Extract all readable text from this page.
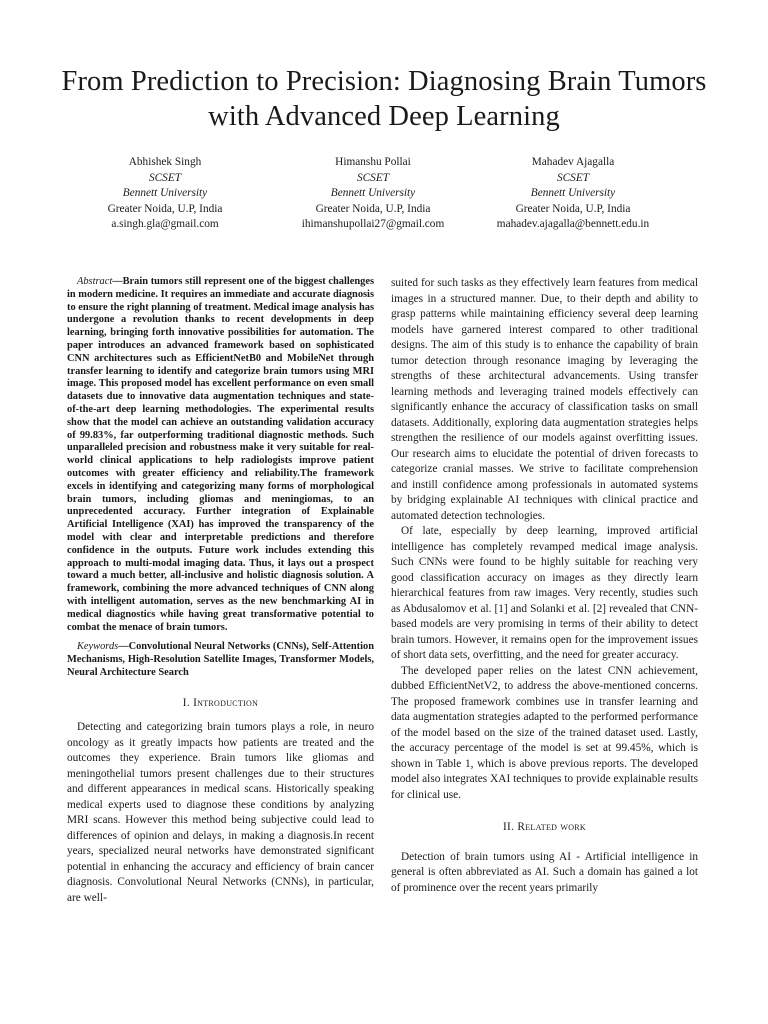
From Prediction to Precision: Diagnosing Brain Tumors with Advanced Deep Learning
Abhishek Singh
SCSET
Bennett University
Greater Noida, U.P, India
a.singh.gla@gmail.com
Himanshu Pollai
SCSET
Bennett University
Greater Noida, U.P, India
ihimanshupollai27@gmail.com
Mahadev Ajagalla
SCSET
Bennett University
Greater Noida, U.P, India
mahadev.ajagalla@bennett.edu.in

Abstract—Brain tumors still represent one of the biggest challenges in modern medicine. It requires an immediate and accurate diagnosis to ensure the right planning of treatment. Medical image analysis has undergone a revolution thanks to recent developments in deep learning, bringing forth innovative possibilities for automation. The paper introduces an advanced framework based on sophisticated CNN architectures such as EfficientNetB0 and MobileNet through transfer learning to identify and categorize brain tumors using MRI image. This proposed model has excellent performance on even small datasets due to innovative data augmentation techniques and state-of-the-art deep learning methodologies. The experimental results show that the model can achieve an outstanding validation accuracy of 99.83%, far outperforming traditional diagnostic methods. Such unparalleled precision and robustness make it very suitable for real-world clinical applications to help radiologists improve patient outcomes with greater efficiency and reliability.The framework excels in identifying and categorizing many forms of morphological brain tumors, including gliomas and meningiomas, to an unprecedented accuracy. Further integration of Explainable Artificial Intelligence (XAI) has improved the transparency of the model with clear and interpretable predictions and therefore confidence in the outputs. Future work includes extending this approach to multi-modal imaging data. Thus, it lays out a prospect toward a much better, all-inclusive and holistic diagnosis solution. A framework, combining the more advanced techniques of CNN along with intelligent automation, serves as the new benchmarking AI in medical diagnostics while having great transformative potential to combat the menace of brain tumors.

Keywords—Convolutional Neural Networks (CNNs), Self-Attention Mechanisms, High-Resolution Satellite Images, Transformer Models, Neural Architecture Search

I. Introduction

Detecting and categorizing brain tumors plays a role, in neuro oncology as it greatly impacts how patients are treated and the outcomes they experience. Brain tumors like gliomas and meningothelial tumors present challenges due to their structures and different appearances in medical scans. Historically speaking medical experts used to diagnose these conditions by analyzing MRI scans. However this method being subjective could lead to differences of opinion and delays, in making a diagnosis.In recent years, specialized neural networks have demonstrated significant potential in enhancing the accuracy and efficiency of brain cancer diagnosis. Convolutional Neural Networks (CNNs), in particular, are well-

suited for such tasks as they effectively learn features from medical images in a structured manner. Due, to their depth and ability to grasp patterns while maintaining efficiency several deep learning models have garnered interest compared to other traditional designs. The aim of this study is to enhance the capability of brain tumor detection through resonance imaging by leveraging the strengths of these architectural advancements. Using transfer learning methods and leveraging trained models effectively can significantly enhance the accuracy of classification tasks on small datasets. Additionally, exploring data augmentation strategies helps strengthen the resilience of our models against overfitting issues. Our research aims to elucidate the potential of driven forecasts to categorize cranial masses. We strive to facilitate comprehension and instill confidence among professionals in automated systems by bridging explainable AI techniques with clinical practice and automated detection technologies.

Of late, especially by deep learning, improved artificial intelligence has completely revamped medical image analysis. Such CNNs were found to be highly suitable for reaching very good classification accuracy on images as they directly learn hierarchical features from raw images. Very recently, studies such as Abdusalomov et al. [1] and Solanki et al. [2] revealed that CNN-based models are very promising in terms of their ability to detect brain tumors. However, it remains open for the improvement issues of short data sets, overfitting, and the need for greater accuracy.

The developed paper relies on the latest CNN achievement, dubbed EfficientNetV2, to address the above-mentioned concerns. The proposed framework combines use in transfer learning and data augmentation strategies adapted to the performed performance of the model based on the size of the trained dataset used. Lastly, the accuracy percentage of the model is set at 99.45%, which is shown in Table 1, which is above previous reports. The developed model also integrates XAI techniques to provide explainable results for clinical use.

II. Related work

Detection of brain tumors using AI - Artificial intelligence in general is often abbreviated as AI. Such a domain has gained a lot of prominence over the recent years primarily
